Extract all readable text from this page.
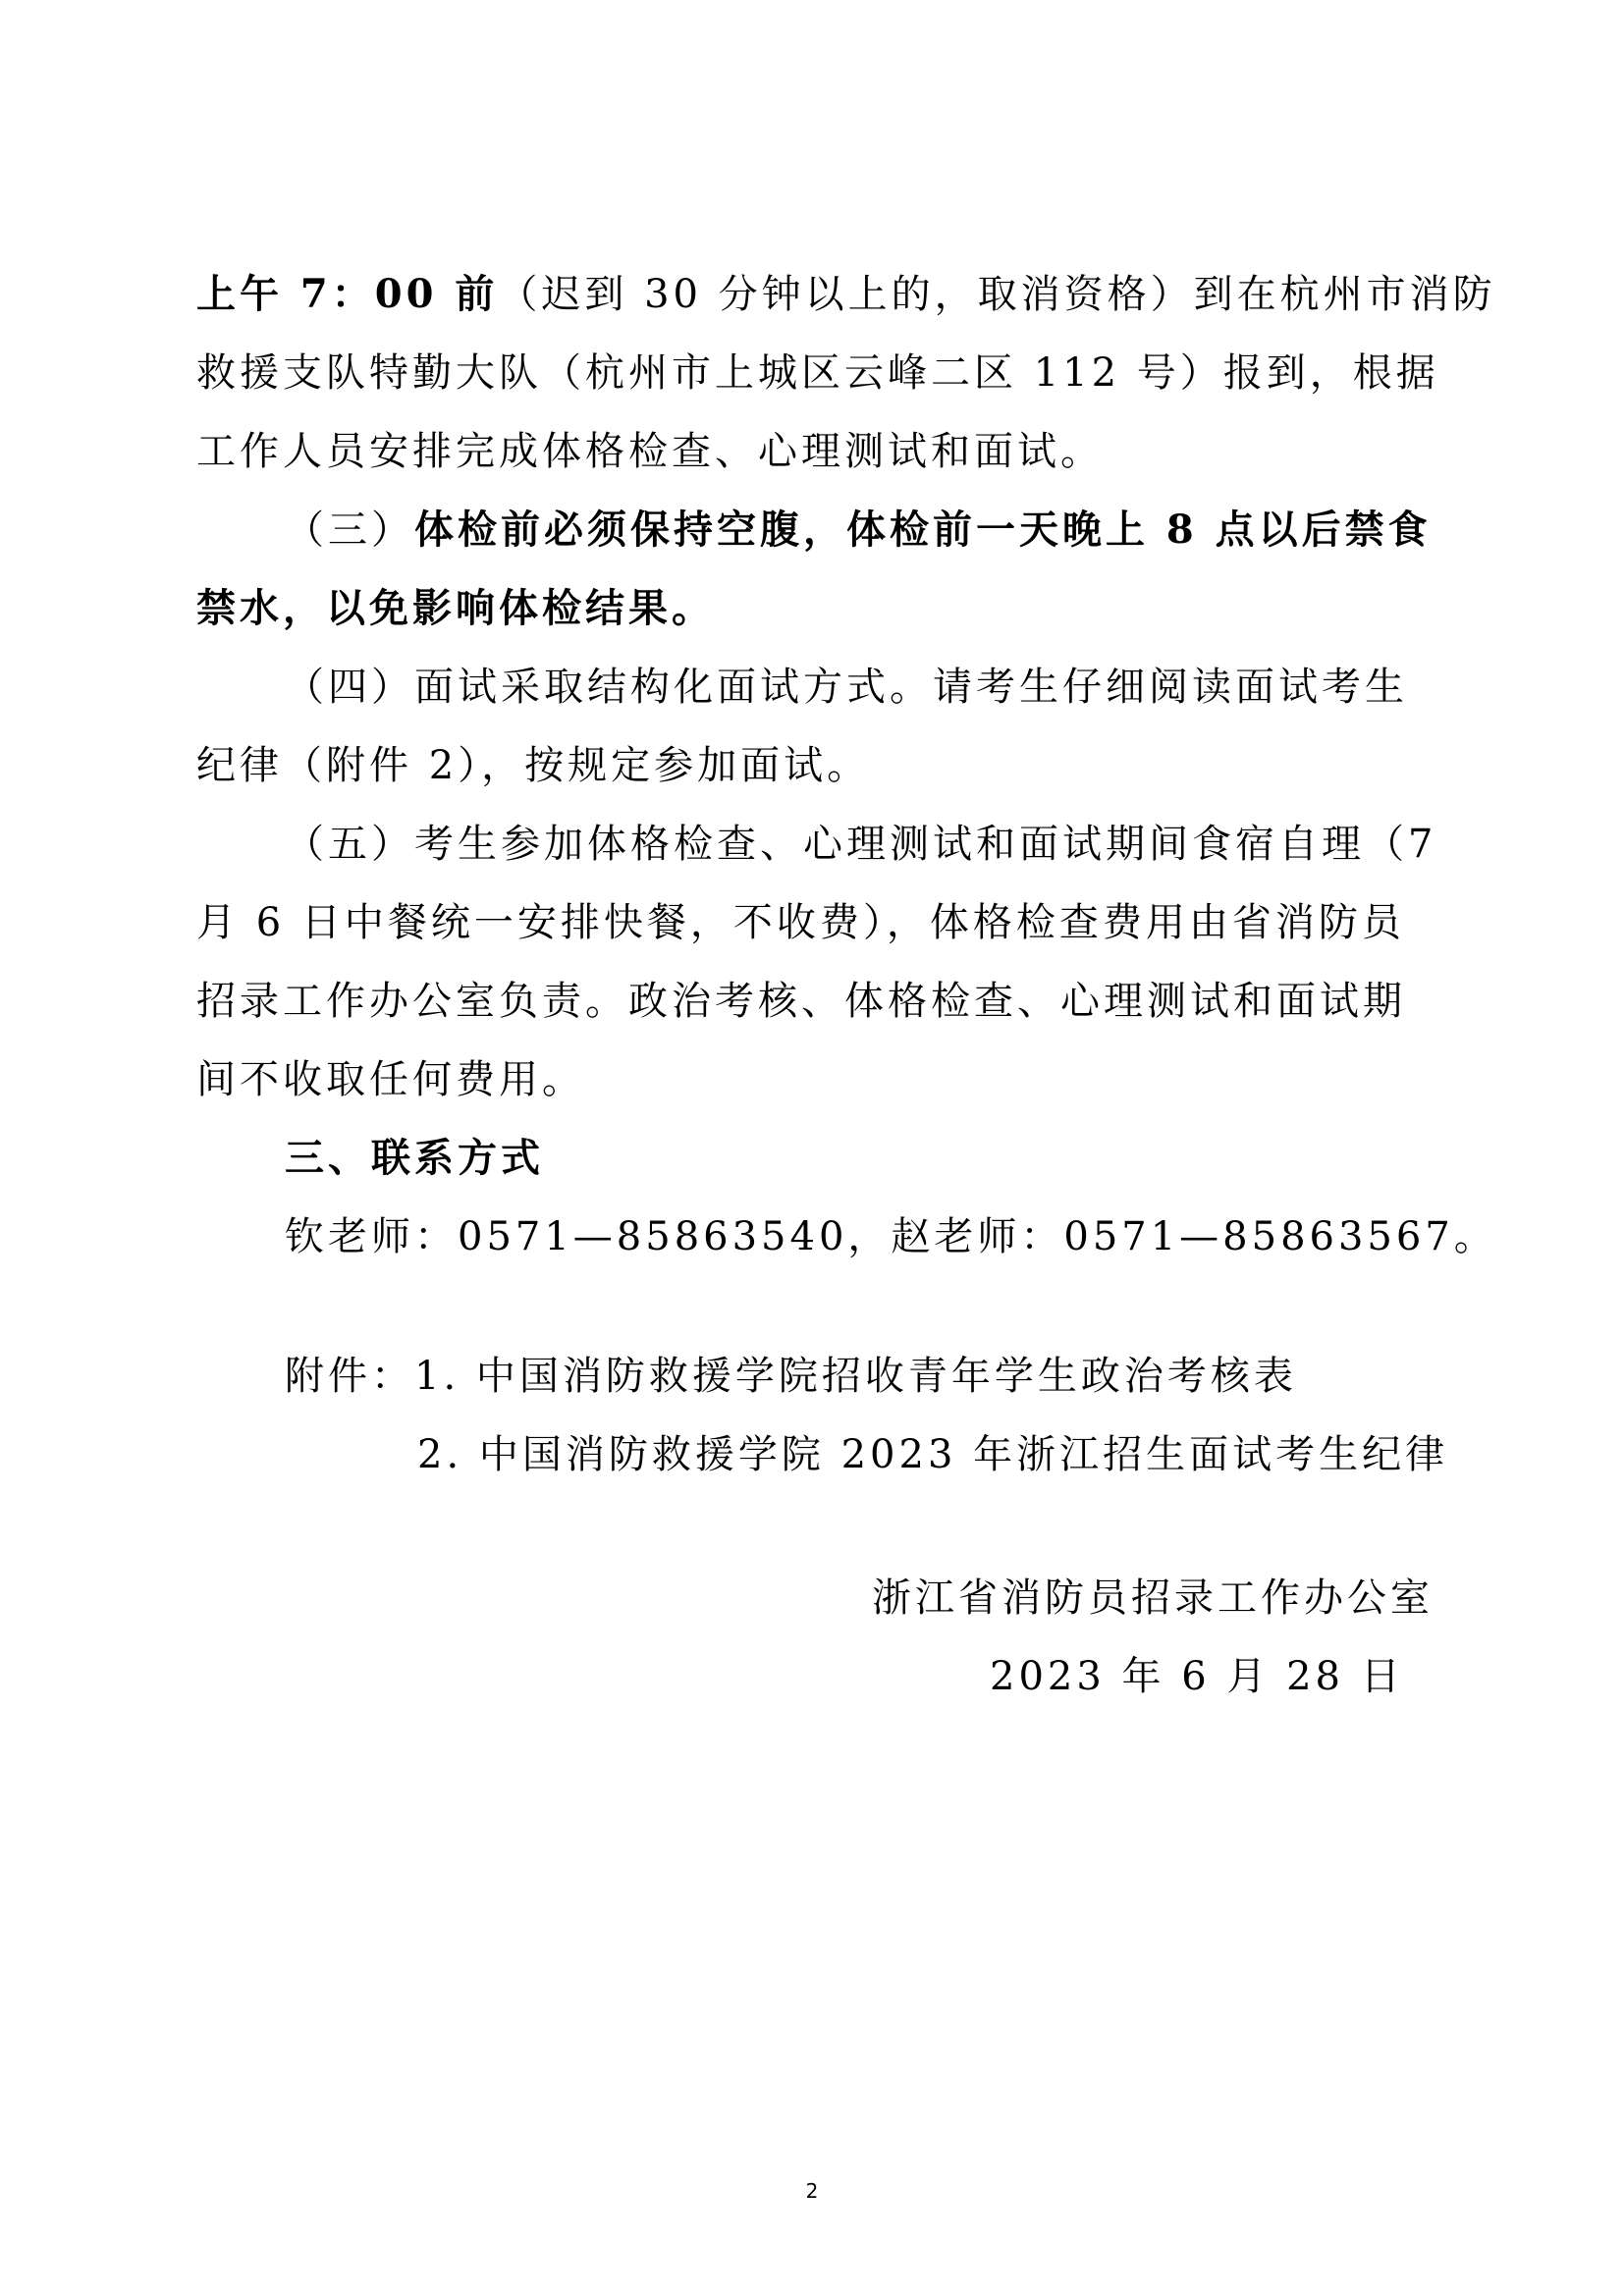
上午 7：00 前（迟到 30 分钟以上的，取消资格）到在杭州市消防
救援支队特勤大队（杭州市上城区云峰二区 112 号）报到，根据
工作人员安排完成体格检查、心理测试和面试。
（三）体检前必须保持空腹，体检前一天晚上 8 点以后禁食
禁水，以免影响体检结果。
（四）面试采取结构化面试方式。请考生仔细阅读面试考生
纪律（附件 2），按规定参加面试。
（五）考生参加体格检查、心理测试和面试期间食宿自理（7
月 6 日中餐统一安排快餐，不收费），体格检查费用由省消防员
招录工作办公室负责。政治考核、体格检查、心理测试和面试期
间不收取任何费用。
三、联系方式
钦老师：0571—85863540，赵老师：0571—85863567。
附件：1. 中国消防救援学院招收青年学生政治考核表
2. 中国消防救援学院 2023 年浙江招生面试考生纪律
浙江省消防员招录工作办公室
2023 年 6 月 28 日
2
